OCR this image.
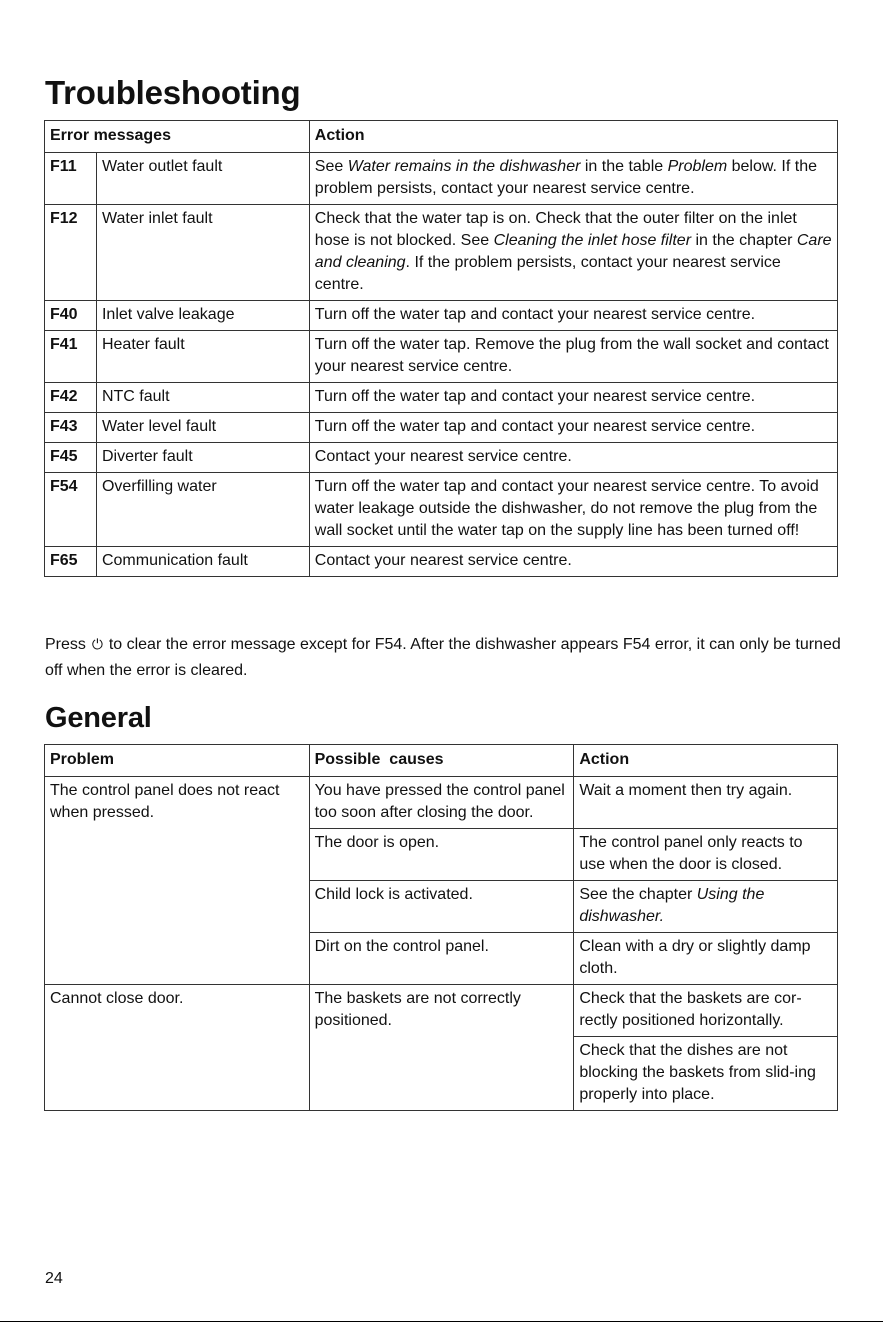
Troubleshooting
Error messages		Action
F11	Water outlet fault	See Water remains in the dishwasher in the table Problem below. If the problem persists, contact your nearest service centre.
F12	Water inlet fault	Check that the water tap is on. Check that the outer filter on the inlet hose is not blocked. See Cleaning the inlet hose filter in the chapter Care and cleaning. If the problem persists, contact your nearest service centre.
F40	Inlet valve leakage	Turn off the water tap and contact your nearest service centre.
F41	Heater fault	Turn off the water tap. Remove the plug from the wall socket and contact your nearest service centre.
F42	NTC fault	Turn off the water tap and contact your nearest service centre.
F43	Water level fault	Turn off the water tap and contact your nearest service centre.
F45	Diverter fault	Contact your nearest service centre.
F54	Overfilling water	Turn off the water tap and contact your nearest service centre. To avoid water leakage outside the dishwasher, do not remove the plug from the wall socket until the water tap on the supply line has been turned off!
F65	Communication fault	Contact your nearest service centre.

Press ⏻ to clear the error message except for F54. After the dishwasher appears F54 error, it can only be turned off when the error is cleared.

General
Problem	Possible  causes	Action
The control panel does not react when pressed.	You have pressed the control panel too soon after closing the door.	Wait a moment then try again.
	The door is open.	The control panel only reacts to use when the door is closed.
	Child lock is activated.	See the chapter Using the dishwasher.
	Dirt on the control panel.	Clean with a dry or slightly damp cloth.
Cannot close door.	The baskets are not correctly positioned.	Check that the baskets are cor-rectly positioned horizontally.
		Check that the dishes are not blocking the baskets from slid-ing properly into place.
24
